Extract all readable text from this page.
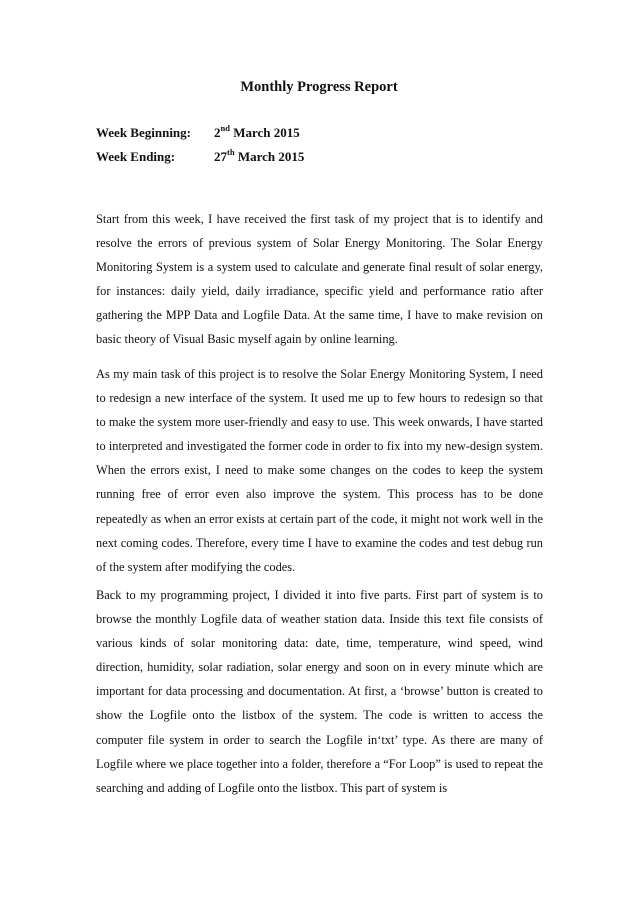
Monthly Progress Report
Week Beginning: 2nd March 2015
Week Ending:	27th March 2015

Start from this week, I have received the first task of my project that is to identify and resolve the errors of previous system of Solar Energy Monitoring. The Solar Energy Monitoring System is a system used to calculate and generate final result of solar energy, for instances: daily yield, daily irradiance, specific yield and performance ratio after gathering the MPP Data and Logfile Data. At the same time, I have to make revision on basic theory of Visual Basic myself again by online learning.

As my main task of this project is to resolve the Solar Energy Monitoring System, I need to redesign a new interface of the system. It used me up to few hours to redesign so that to make the system more user-friendly and easy to use. This week onwards, I have started to interpreted and investigated the former code in order to fix into my new-design system. When the errors exist, I need to make some changes on the codes to keep the system running free of error even also improve the system. This process has to be done repeatedly as when an error exists at certain part of the code, it might not work well in the next coming codes. Therefore, every time I have to examine the codes and test debug run of the system after modifying the codes.

Back to my programming project, I divided it into five parts. First part of system is to browse the monthly Logfile data of weather station data. Inside this text file consists of various kinds of solar monitoring data: date, time, temperature, wind speed, wind direction, humidity, solar radiation, solar energy and soon on in every minute which are important for data processing and documentation. At first, a ‘browse’ button is created to show the Logfile onto the listbox of the system. The code is written to access the computer file system in order to search the Logfile in‘txt’ type. As there are many of Logfile where we place together into a folder, therefore a “For Loop” is used to repeat the searching and adding of Logfile onto the listbox. This part of system is
